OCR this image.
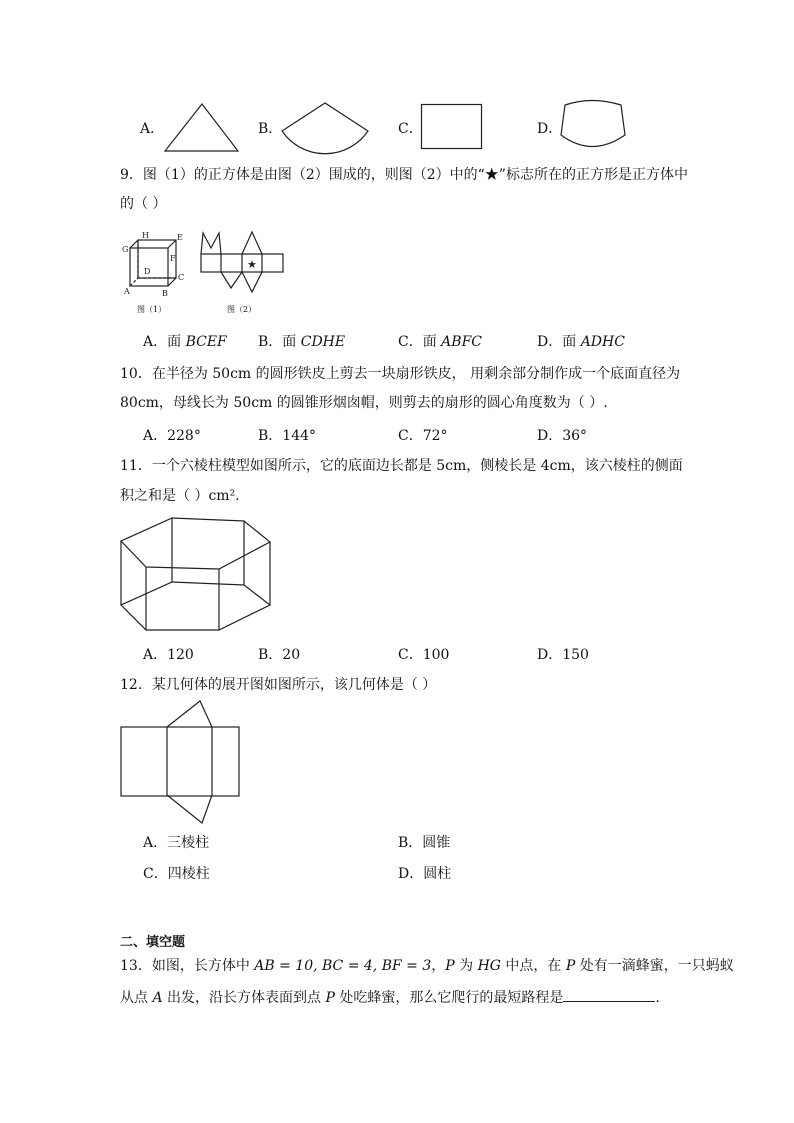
A．	B．	C．	D．
9．图（1）的正方体是由图（2）围成的，则图（2）中的“★”标志所在的正方形是正方体中
的（ ）
H	E
G
F
D
C
A	B
图（1）
★
图（2）
A．面 BCEF B．面 CDHE	C．面 ABFC	D．面 ADHC
10．在半径为 50cm 的圆形铁皮上剪去一块扇形铁皮， 用剩余部分制作成一个底面直径为
80cm，母线长为 50cm 的圆锥形烟囱帽，则剪去的扇形的圆心角度数为（ ）.
A．228°	B．144°	C．72°	D．36°
11．一个六棱柱模型如图所示，它的底面边长都是 5cm，侧棱长是 4cm，该六棱柱的侧面
积之和是（ ）cm².
A．120	B．20	C．100	D．150
12．某几何体的展开图如图所示，该几何体是（ ）
A．三棱柱	B．圆锥
C．四棱柱	D．圆柱
二、填空题
13．如图，长方体中 AB = 10, BC = 4, BF = 3，P 为 HG 中点，在 P 处有一滴蜂蜜，一只蚂蚁
从点 A 出发，沿长方体表面到点 P 处吃蜂蜜，那么它爬行的最短路程是	.
